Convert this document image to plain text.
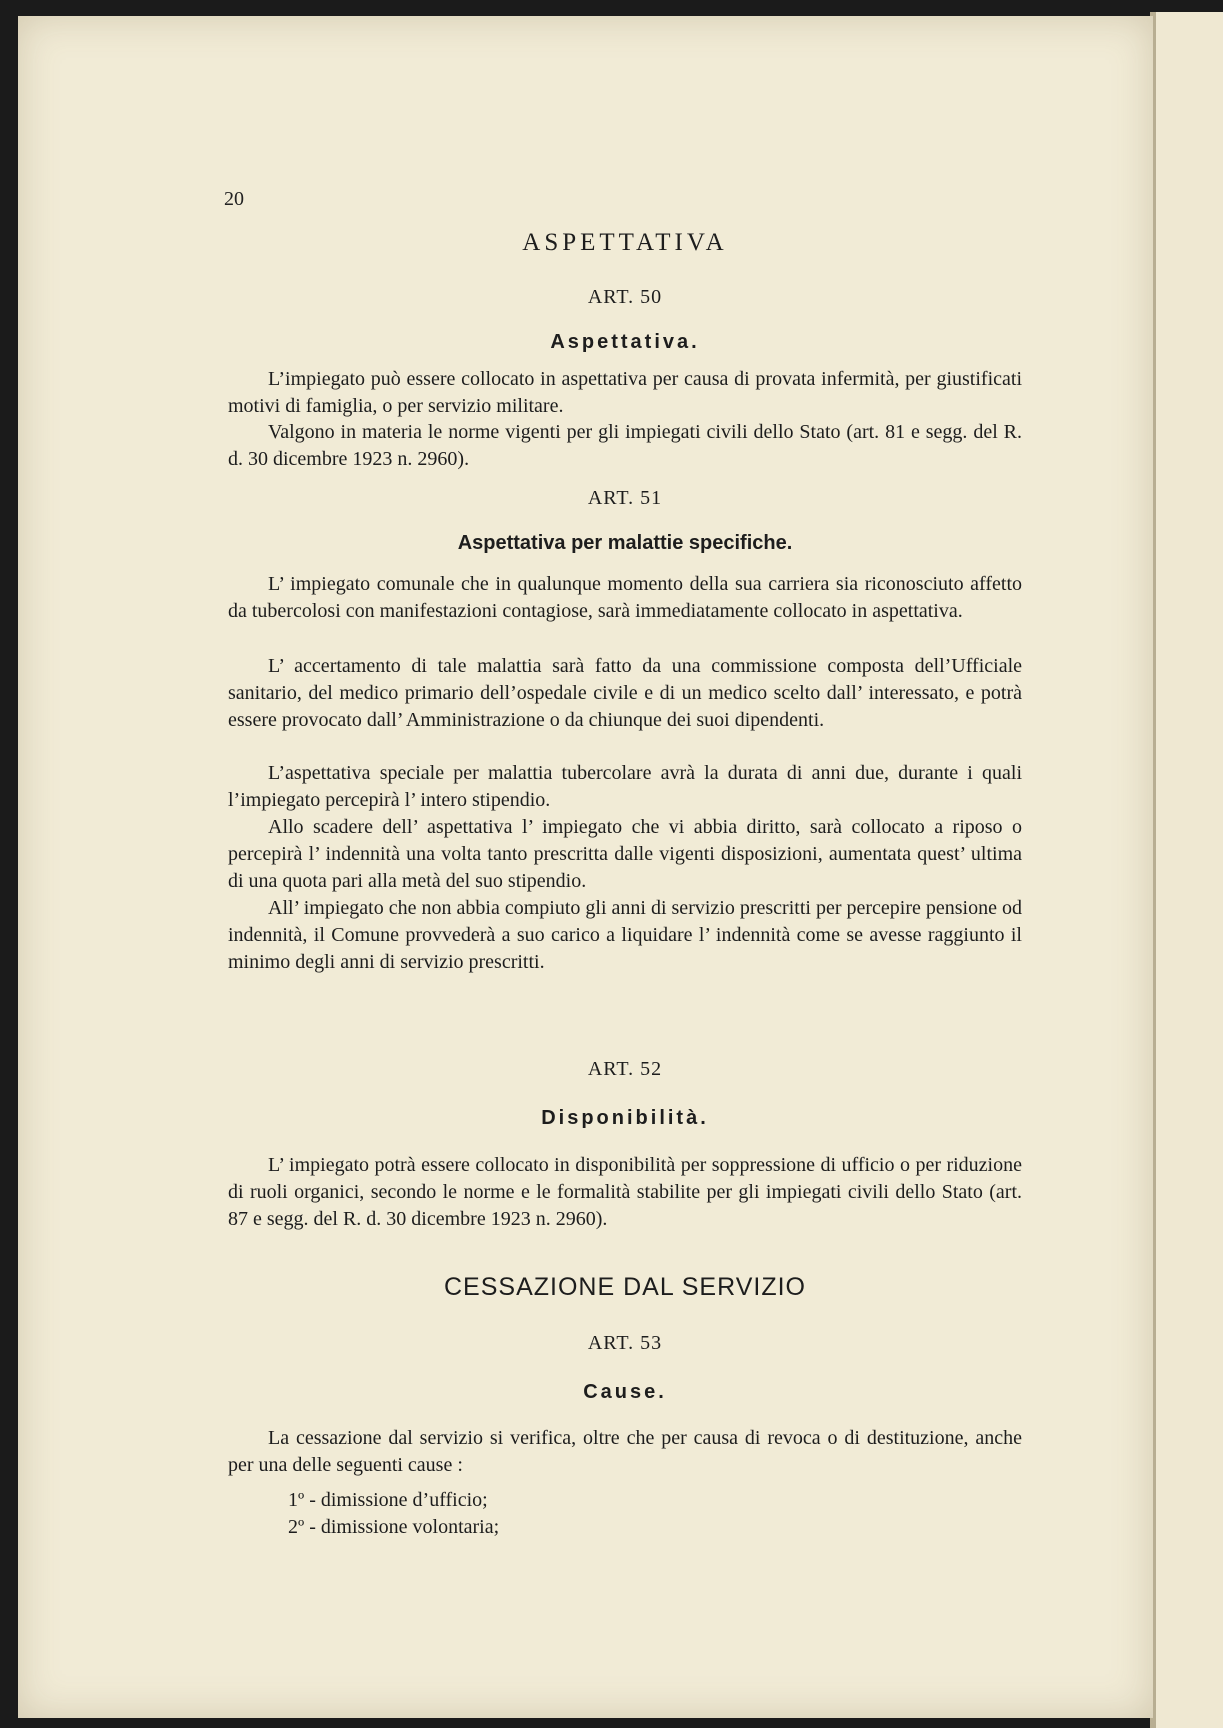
20
ASPETTATIVA
ART. 50
Aspettativa.

L’impiegato può essere collocato in aspettativa per causa di provata infermità, per giustificati motivi di famiglia, o per servizio militare.

Valgono in materia le norme vigenti per gli impiegati civili dello Stato (art. 81 e segg. del R. d. 30 dicembre 1923 n. 2960).

ART. 51
Aspettativa per malattie specifiche.

L’ impiegato comunale che in qualunque momento della sua carriera sia riconosciuto affetto da tubercolosi con manifestazioni contagiose, sarà immediatamente collocato in aspettativa.

L’ accertamento di tale malattia sarà fatto da una commissione composta dell’Ufficiale sanitario, del medico primario dell’ospedale civile e di un medico scelto dall’ interessato, e potrà essere provocato dall’ Amministrazione o da chiunque dei suoi dipendenti.

L’aspettativa speciale per malattia tubercolare avrà la durata di anni due, durante i quali l’impiegato percepirà l’ intero stipendio.

Allo scadere dell’ aspettativa l’ impiegato che vi abbia diritto, sarà collocato a riposo o percepirà l’ indennità una volta tanto prescritta dalle vigenti disposizioni, aumentata quest’ ultima di una quota pari alla metà del suo stipendio.

All’ impiegato che non abbia compiuto gli anni di servizio prescritti per percepire pensione od indennità, il Comune provvederà a suo carico a liquidare l’ indennità come se avesse raggiunto il minimo degli anni di servizio prescritti.

ART. 52
Disponibilità.

L’ impiegato potrà essere collocato in disponibilità per soppressione di ufficio o per riduzione di ruoli organici, secondo le norme e le formalità stabilite per gli impiegati civili dello Stato (art. 87 e segg. del R. d. 30 dicembre 1923 n. 2960).

CESSAZIONE DAL SERVIZIO
ART. 53
Cause.

La cessazione dal servizio si verifica, oltre che per causa di revoca o di destituzione, anche per una delle seguenti cause :

1º - dimissione d’ufficio;
2º - dimissione volontaria;
